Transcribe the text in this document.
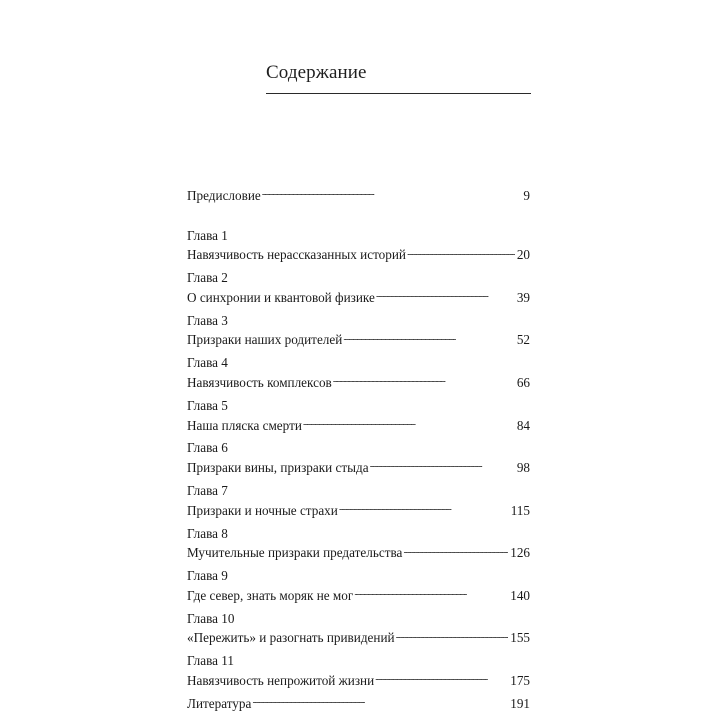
Содержание
Предисловие . . .	9
Глава 1
Навязчивость нерассказанных историй . . .	20
Глава 2
О синхронии и квантовой физике . . .	39
Глава 3
Призраки наших родителей . . .	52
Глава 4
Навязчивость комплексов . . .	66
Глава 5
Наша пляска смерти . . .	84
Глава 6
Призраки вины, призраки стыда . . .	98
Глава 7
Призраки и ночные страхи . . .	115
Глава 8
Мучительные призраки предательства . . .	126
Глава 9
Где север, знать моряк не мог . . .	140
Глава 10
«Пережить» и разогнать привидений . . .	155
Глава 11
Навязчивость непрожитой жизни . . .	175
Литература . . .	191
